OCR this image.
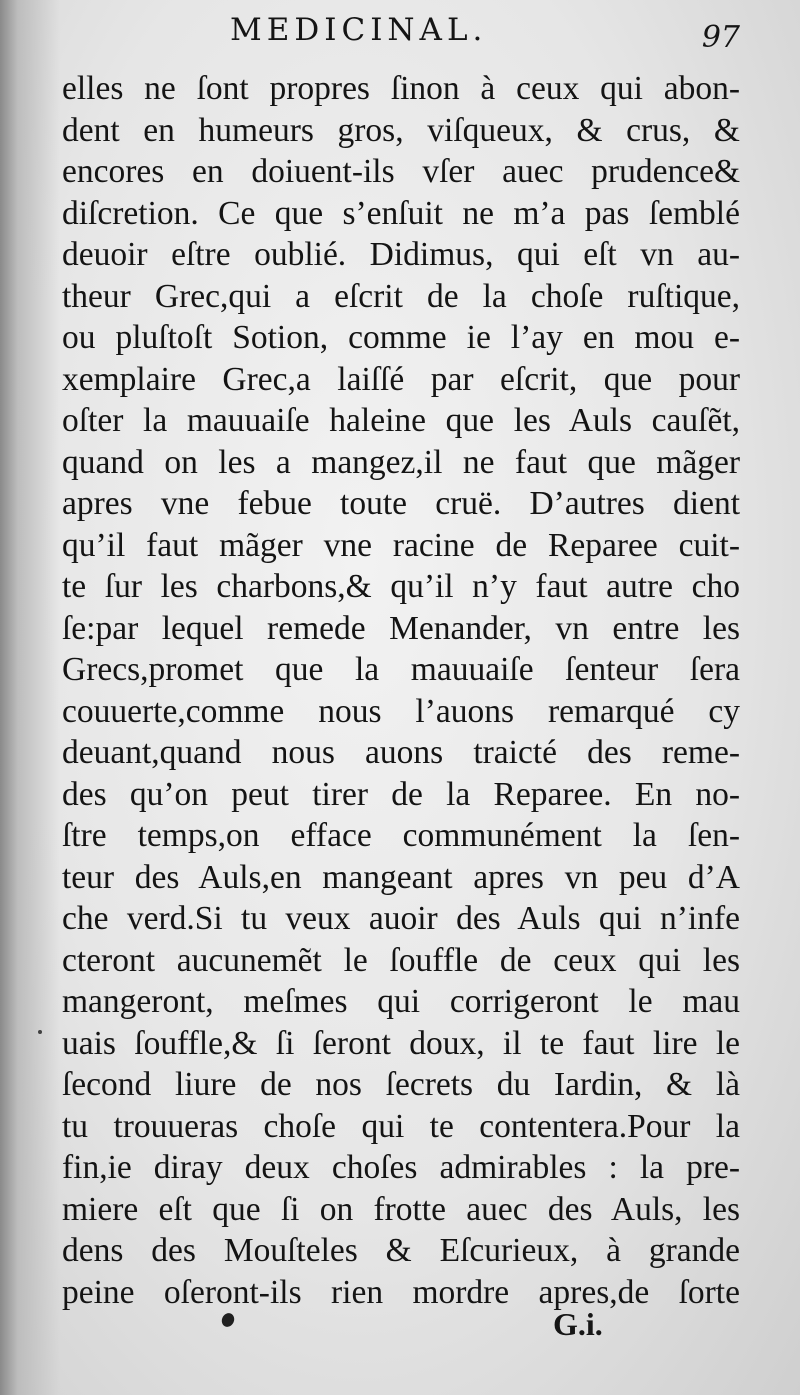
MEDICINAL.	97
elles ne ſont propres ſinon à ceux qui abon-
dent en humeurs gros, viſqueux, & crus, &
encores en doiuent-ils vſer auec prudence&
diſcretion. Ce que s’enſuit ne m’a pas ſemblé
deuoir eſtre oublié. Didimus, qui eſt vn au-
theur Grec,qui a eſcrit de la choſe ruſtique,
ou pluſtoſt Sotion, comme ie l’ay en mou e-
xemplaire Grec,a laiſſé par eſcrit, que pour
oſter la mauuaiſe haleine que les Auls cauſẽt,
quand on les a mangez,il ne faut que mãger
apres vne febue toute cruë. D’autres dient
qu’il faut mãger vne racine de Reparee cuit-
te ſur les charbons,& qu’il n’y faut autre cho
ſe:par lequel remede Menander, vn entre les
Grecs,promet que la mauuaiſe ſenteur ſera
couuerte,comme nous l’auons remarqué cy
deuant,quand nous auons traicté des reme-
des qu’on peut tirer de la Reparee. En no-
ſtre temps,on efface communément la ſen-
teur des Auls,en mangeant apres vn peu d’A
che verd.Si tu veux auoir des Auls qui n’infe
cteront aucunemẽt le ſouffle de ceux qui les
mangeront, meſmes qui corrigeront le mau
uais ſouffle,& ſi ſeront doux, il te faut lire le
ſecond liure de nos ſecrets du Iardin, & là
tu trouueras choſe qui te contentera.Pour la
fin,ie diray deux choſes admirables : la pre-
miere eſt que ſi on frotte auec des Auls, les
dens des Mouſteles & Eſcurieux, à grande
peine oſeront-ils rien mordre apres,de ſorte
G.i.
